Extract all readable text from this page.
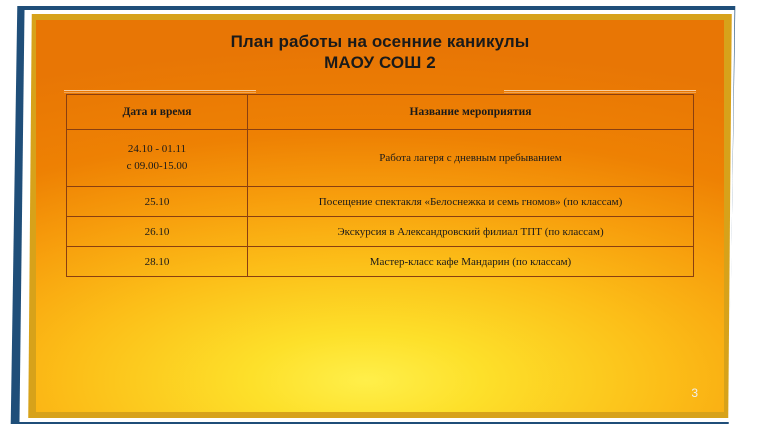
План работы на осенние каникулы
МАОУ СОШ 2
Дата и время	Название мероприятия

24.10 - 01.11
с 09.00-15.00	Работа лагеря с дневным пребыванием
25.10	Посещение спектакля «Белоснежка и семь гномов» (по классам)
26.10	Экскурсия в Александровский филиал ТПТ (по классам)
28.10	Мастер-класс кафе Мандарин (по классам)
3
